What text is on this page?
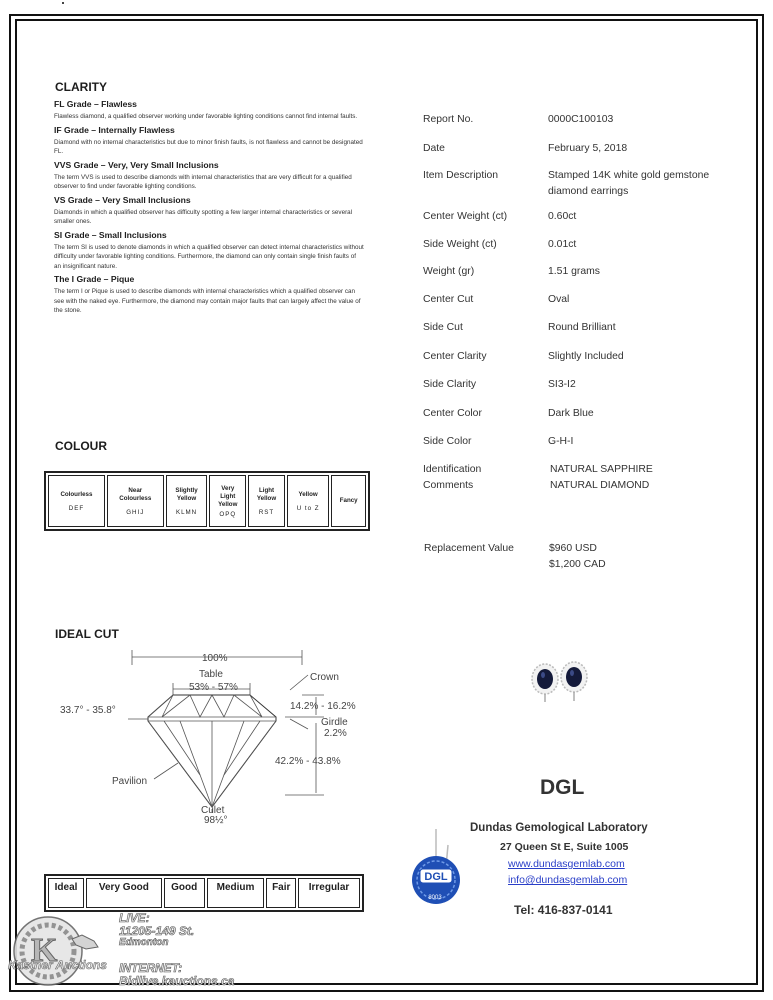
CLARITY
FL Grade – Flawless
Flawless diamond, a qualified observer working under favorable lighting conditions cannot find internal faults.
IF Grade – Internally Flawless
Diamond with no internal characteristics but due to minor finish faults, is not flawless and cannot be designated FL.
VVS Grade – Very, Very Small Inclusions
The term VVS is used to describe diamonds with internal characteristics that are very difficult for a qualified observer to find under favorable lighting conditions.
VS Grade – Very Small Inclusions
Diamonds in which a qualified observer has difficulty spotting a few larger internal characteristics or several smaller ones.
SI Grade – Small Inclusions
The term SI is used to denote diamonds in which a qualified observer can detect internal characteristics without difficulty under favorable lighting conditions. Furthermore, the diamond can only contain single finish faults of an insignificant nature.
The I Grade – Pique
The term I or Pique is used to describe diamonds with internal characteristics which a qualified observer can see with the naked eye. Furthermore, the diamond may contain major faults that can largely affect the value of the stone.
COLOUR
Colourless
DEF

Near
Colourless
GHIJ

Slightly
Yellow
KLMN

Very
Light
Yellow
OPQ

Light
Yellow
RST

Yellow
U to Z

Fancy
IDEAL CUT
100%
Table
53% - 57%
Crown
33.7° - 35.8°	14.2% - 16.2%
Girdle
2.2%
42.2% - 43.8%
Pavilion
Culet
98½°
Ideal	Very Good	Good	Medium	Fair	Irregular
Report No.	0000C100103
Date	February 5, 2018
Item Description	Stamped 14K white gold gemstone diamond earrings
Center Weight (ct)	0.60ct
Side Weight (ct)	0.01ct
Weight (gr)	1.51 grams
Center Cut	Oval
Side Cut	Round Brilliant
Center Clarity	Slightly Included
Side Clarity	SI3-I2
Center Color	Dark Blue
Side Color	G-H-I
Identification	NATURAL SAPPHIRE
Comments	NATURAL DIAMOND
Replacement Value	$960 USD
$1,200 CAD
DGL
Dundas Gemological Laboratory
27 Queen St E, Suite 1005
www.dundasgemlab.com
info@dundasgemlab.com
Tel: 416-837-0141
DGL
8003
K
Kastner Auctions
LIVE:
11205-149 St.
Edmonton
INTERNET:
Bidlive.kauctions.ca
